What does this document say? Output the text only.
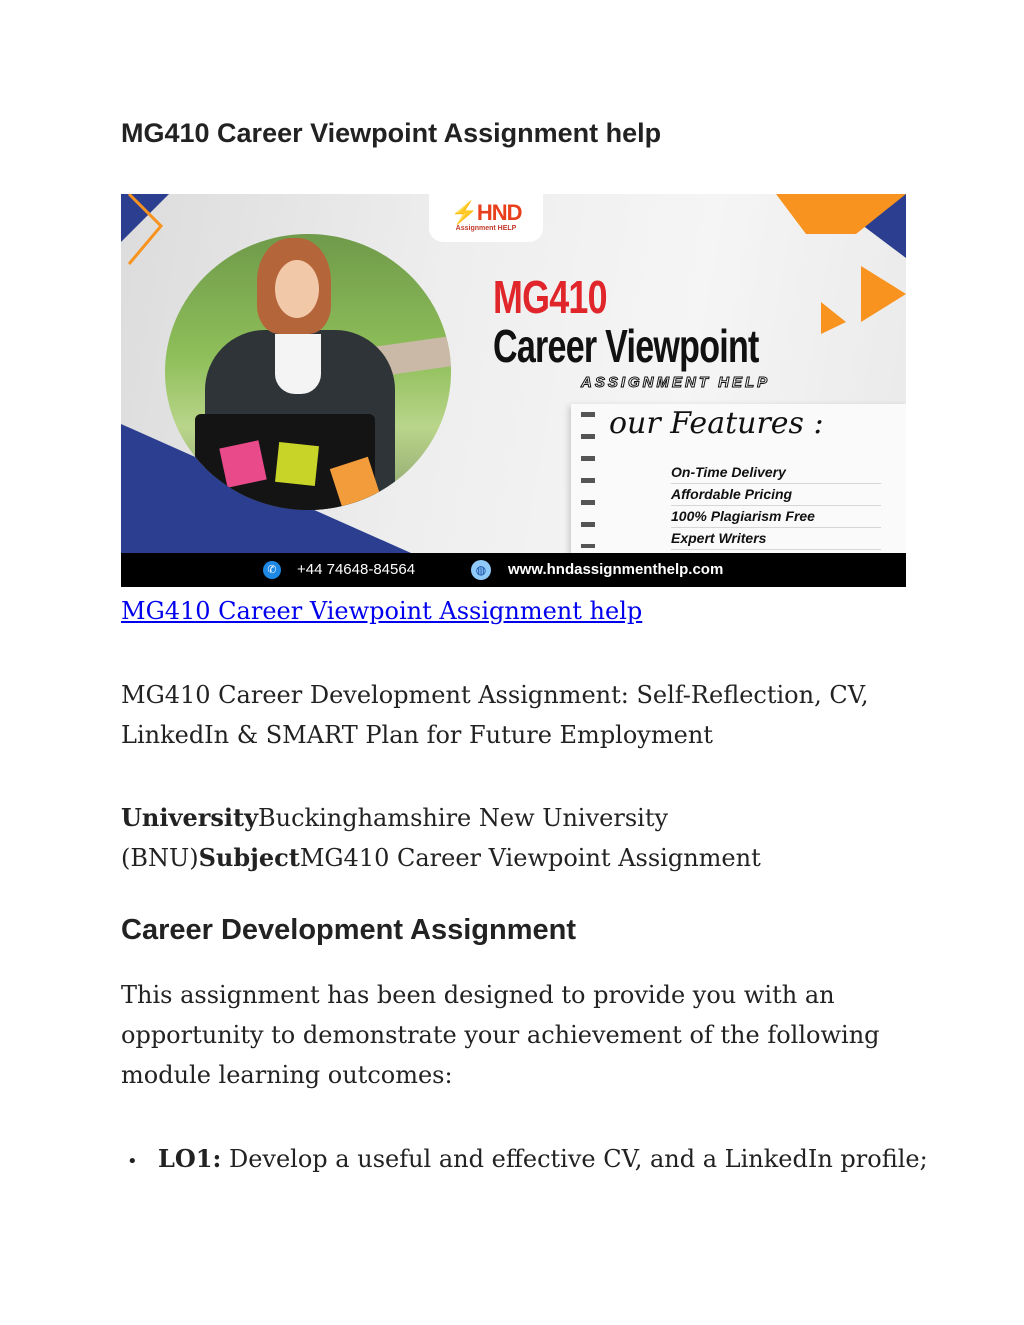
MG410 Career Viewpoint Assignment help
⚡HND
Assignment HELP
MG410
Career Viewpoint
ASSIGNMENT HELP
our Features :
On-Time Delivery
Affordable Pricing
100% Plagiarism Free
Expert Writers
✆ +44 74648-84564	◍	www.hndassignmenthelp.com
MG410 Career Viewpoint Assignment help

MG410 Career Development Assignment: Self-Reflection, CV, LinkedIn & SMART Plan for Future Employment

UniversityBuckinghamshire New University (BNU)SubjectMG410 Career Viewpoint Assignment

Career Development Assignment

This assignment has been designed to provide you with an opportunity to demonstrate your achievement of the following module learning outcomes:

• LO1: Develop a useful and effective CV, and a LinkedIn profile;
